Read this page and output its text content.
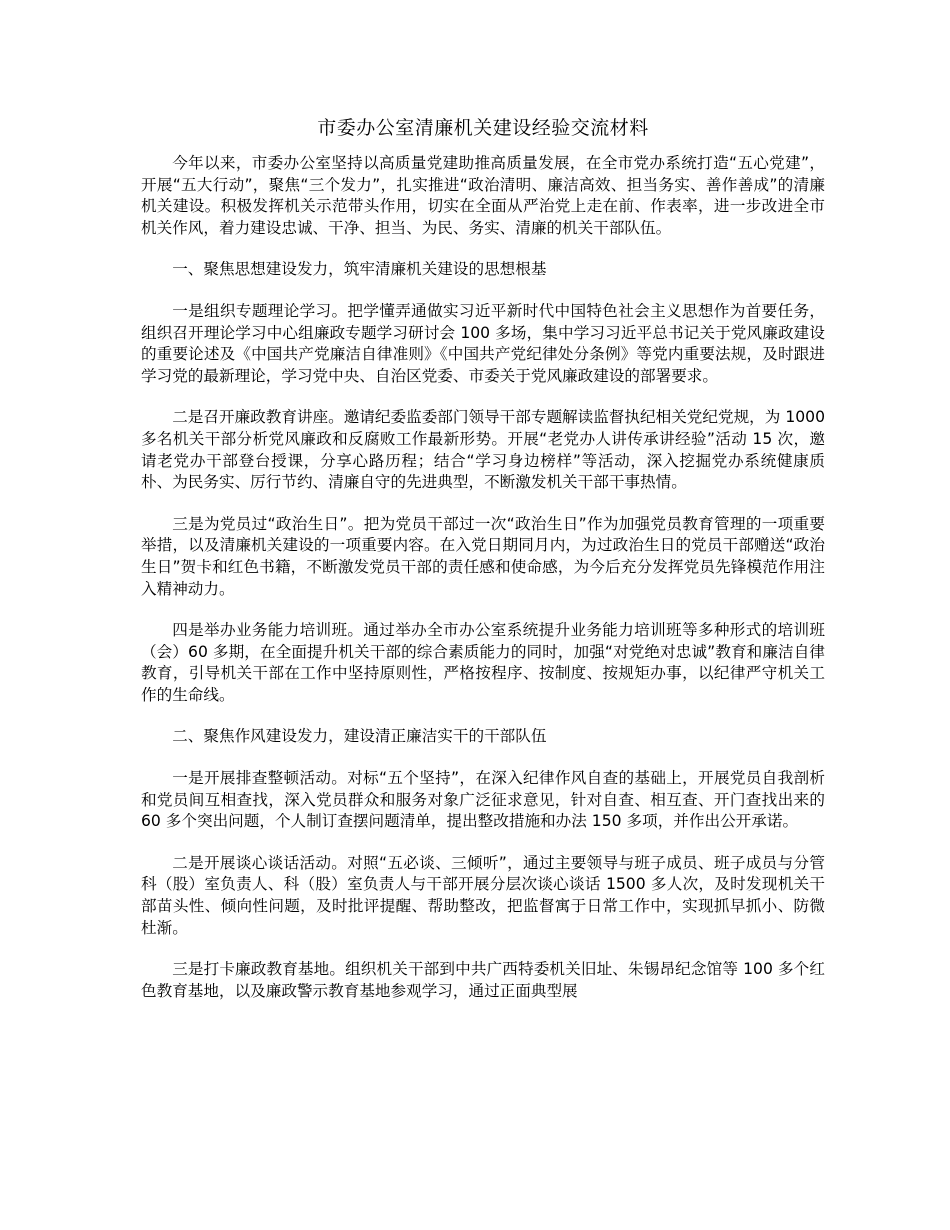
市委办公室清廉机关建设经验交流材料

今年以来，市委办公室坚持以高质量党建助推高质量发展，在全市党办系统打造“五心党建”，开展“五大行动”，聚焦“三个发力”，扎实推进“政治清明、廉洁高效、担当务实、善作善成”的清廉机关建设。积极发挥机关示范带头作用，切实在全面从严治党上走在前、作表率，进一步改进全市机关作风，着力建设忠诚、干净、担当、为民、务实、清廉的机关干部队伍。

一、聚焦思想建设发力，筑牢清廉机关建设的思想根基

一是组织专题理论学习。把学懂弄通做实习近平新时代中国特色社会主义思想作为首要任务，组织召开理论学习中心组廉政专题学习研讨会 100 多场，集中学习习近平总书记关于党风廉政建设的重要论述及《中国共产党廉洁自律准则》《中国共产党纪律处分条例》等党内重要法规，及时跟进学习党的最新理论，学习党中央、自治区党委、市委关于党风廉政建设的部署要求。

二是召开廉政教育讲座。邀请纪委监委部门领导干部专题解读监督执纪相关党纪党规，为 1000 多名机关干部分析党风廉政和反腐败工作最新形势。开展“老党办人讲传承讲经验”活动 15 次，邀请老党办干部登台授课，分享心路历程；结合“学习身边榜样”等活动，深入挖掘党办系统健康质朴、为民务实、厉行节约、清廉自守的先进典型，不断激发机关干部干事热情。

三是为党员过“政治生日”。把为党员干部过一次“政治生日”作为加强党员教育管理的一项重要举措，以及清廉机关建设的一项重要内容。在入党日期同月内，为过政治生日的党员干部赠送“政治生日”贺卡和红色书籍，不断激发党员干部的责任感和使命感，为今后充分发挥党员先锋模范作用注入精神动力。

四是举办业务能力培训班。通过举办全市办公室系统提升业务能力培训班等多种形式的培训班（会）60 多期，在全面提升机关干部的综合素质能力的同时，加强“对党绝对忠诚”教育和廉洁自律教育，引导机关干部在工作中坚持原则性，严格按程序、按制度、按规矩办事，以纪律严守机关工作的生命线。

二、聚焦作风建设发力，建设清正廉洁实干的干部队伍

一是开展排查整顿活动。对标“五个坚持”，在深入纪律作风自查的基础上，开展党员自我剖析和党员间互相查找，深入党员群众和服务对象广泛征求意见，针对自查、相互查、开门查找出来的 60 多个突出问题，个人制订查摆问题清单，提出整改措施和办法 150 多项，并作出公开承诺。

二是开展谈心谈话活动。对照“五必谈、三倾听”，通过主要领导与班子成员、班子成员与分管科（股）室负责人、科（股）室负责人与干部开展分层次谈心谈话 1500 多人次，及时发现机关干部苗头性、倾向性问题，及时批评提醒、帮助整改，把监督寓于日常工作中，实现抓早抓小、防微杜渐。

三是打卡廉政教育基地。组织机关干部到中共广西特委机关旧址、朱锡昂纪念馆等 100 多个红色教育基地，以及廉政警示教育基地参观学习，通过正面典型展
